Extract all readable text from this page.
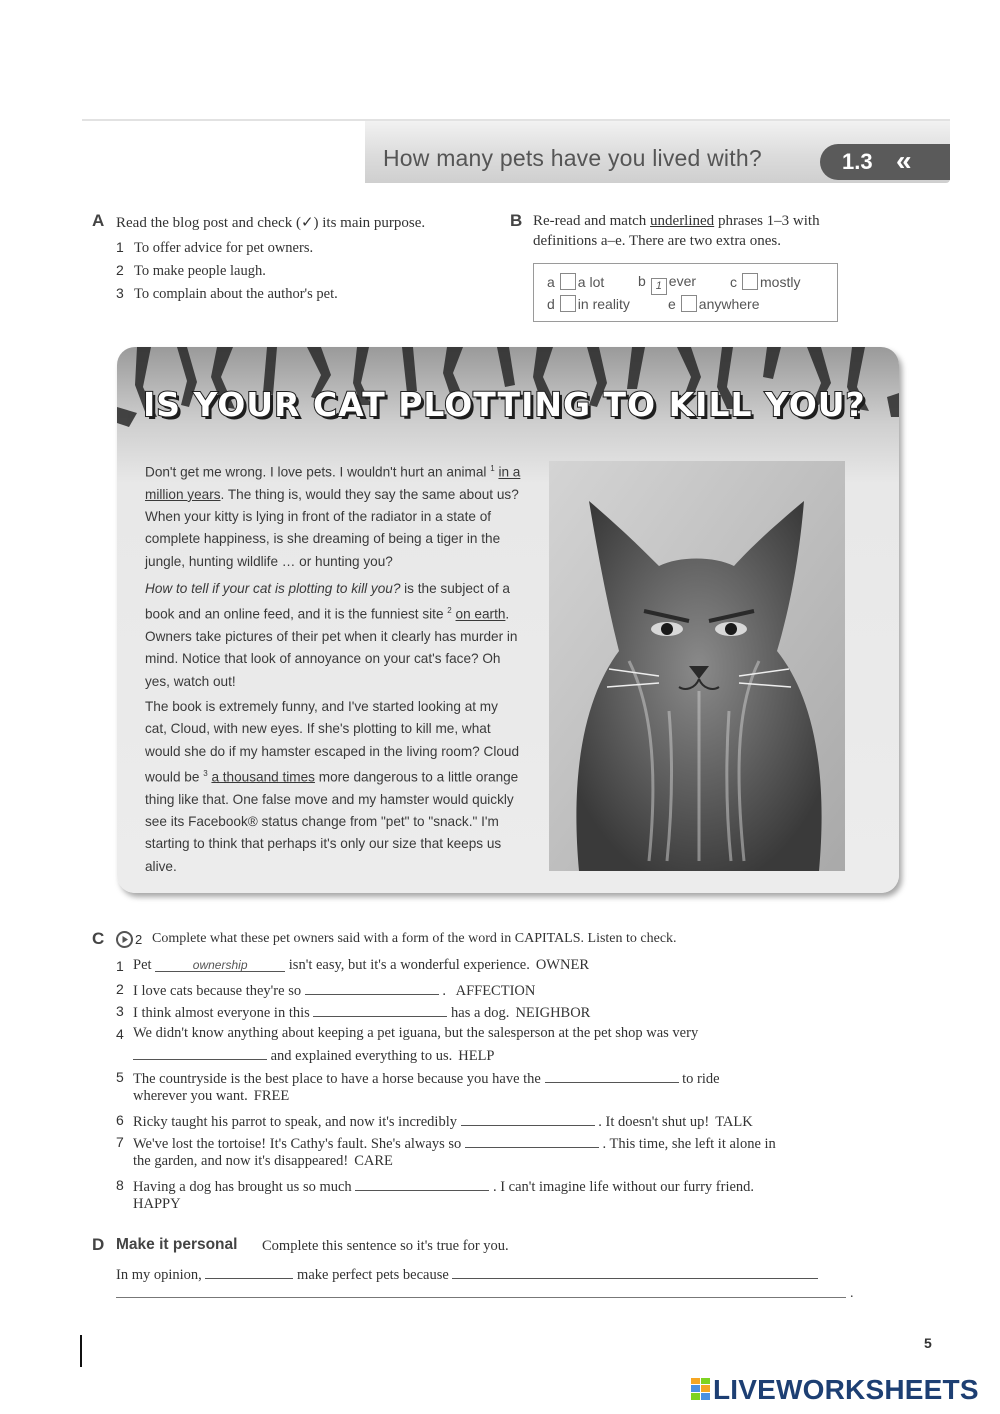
How many pets have you lived with?	1.3 «
A Read the blog post and check (✓) its main purpose.
1 To offer advice for pet owners.
2 To make people laugh.
3 To complain about the author's pet.
B Re-read and match underlined phrases 1–3 with
definitions a–e. There are two extra ones.
a a lot b 1 ever c mostly
d in reality	e anywhere
IS YOUR CAT PLOTTING TO KILL YOU?
Don't get me wrong. I love pets. I wouldn't hurt an animal $^1$ in a million years. The thing is, would they say the same about us? When your kitty is lying in front of the radiator in a state of complete happiness, is she dreaming of being a tiger in the jungle, hunting wildlife … or hunting you?
How to tell if your cat is plotting to kill you? is the subject of a book and an online feed, and it is the funniest site $^2$ on earth. Owners take pictures of their pet when it clearly has murder in mind. Notice that look of annoyance on your cat's face? Oh yes, watch out!
The book is extremely funny, and I've started looking at my cat, Cloud, with new eyes. If she's plotting to kill me, what would she do if my hamster escaped in the living room? Cloud would be $^3$ a thousand times more dangerous to a little orange thing like that. One false move and my hamster would quickly see its Facebook® status change from "pet" to "snack." I'm starting to think that perhaps it's only our size that keeps us alive.
C 2 Complete what these pet owners said with a form of the word in CAPITALS. Listen to check.
1 Pet	ownership	isn't easy, but it's a wonderful experience. OWNER
2 I love cats because they're so	. AFFECTION
3 I think almost everyone in this	has a dog. NEIGHBOR
4 We didn't know anything about keeping a pet iguana, but the salesperson at the pet shop was very
and explained everything to us. HELP
5 The countryside is the best place to have a horse because you have the	to ride
wherever you want. FREE
6 Ricky taught his parrot to speak, and now it's incredibly	. It doesn't shut up! TALK
7 We've lost the tortoise! It's Cathy's fault. She's always so	. This time, she left it alone in
the garden, and now it's disappeared! CARE
8 Having a dog has brought us so much	. I can't imagine life without our furry friend.
HAPPY
D Make it personal Complete this sentence so it's true for you.
In my opinion,	make perfect pets because
.
5
LIVEWORKSHEETS
